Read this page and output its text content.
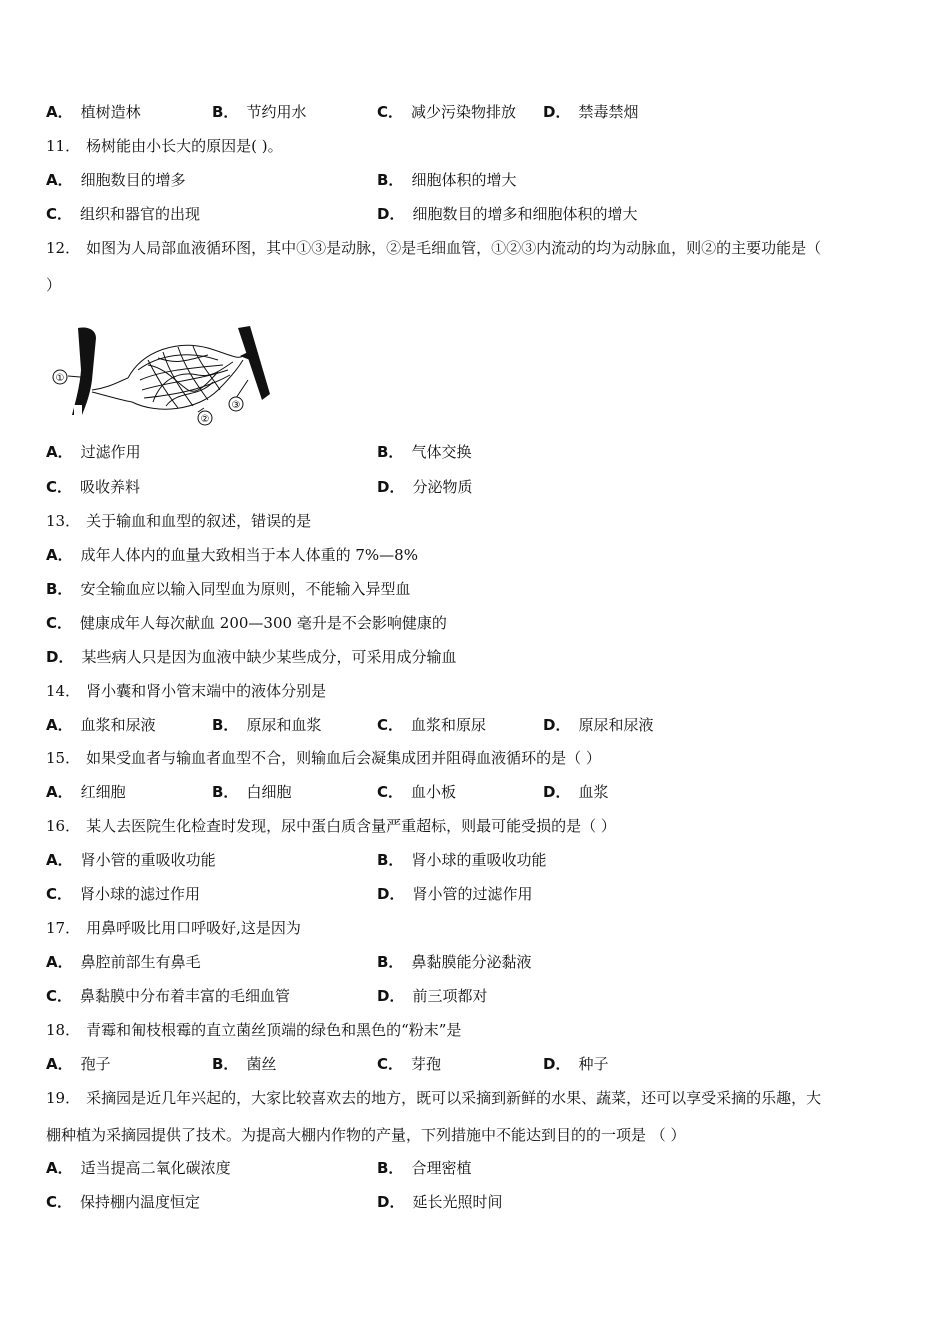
A． 植树造林	B． 节约用水	C． 减少污染物排放 D． 禁毒禁烟
11． 杨树能由小长大的原因是( )。
A． 细胞数目的增多	B． 细胞体积的增大
C． 组织和器官的出现	D． 细胞数目的增多和细胞体积的增大
12． 如图为人局部血液循环图，其中①③是动脉，②是毛细血管，①②③内流动的均为动脉血，则②的主要功能是（
）
①
②
③
A． 过滤作用	B． 气体交换
C． 吸收养料	D． 分泌物质
13． 关于输血和血型的叙述，错误的是
A． 成年人体内的血量大致相当于本人体重的 7%—8%
B． 安全输血应以输入同型血为原则，不能输入异型血
C． 健康成年人每次献血 200—300 毫升是不会影响健康的
D． 某些病人只是因为血液中缺少某些成分，可采用成分输血
14． 肾小囊和肾小管末端中的液体分别是
A． 血浆和尿液	B． 原尿和血浆	C． 血浆和原尿	D． 原尿和尿液
15． 如果受血者与输血者血型不合，则输血后会凝集成团并阻碍血液循环的是（ ）
A． 红细胞	B． 白细胞	C． 血小板	D． 血浆
16． 某人去医院生化检查时发现，尿中蛋白质含量严重超标，则最可能受损的是（ ）
A． 肾小管的重吸收功能	B． 肾小球的重吸收功能
C． 肾小球的滤过作用	D． 肾小管的过滤作用
17． 用鼻呼吸比用口呼吸好,这是因为
A． 鼻腔前部生有鼻毛	B． 鼻黏膜能分泌黏液
C． 鼻黏膜中分布着丰富的毛细血管	D． 前三项都对
18． 青霉和匍枝根霉的直立菌丝顶端的绿色和黑色的“粉末”是
A． 孢子	B． 菌丝	C． 芽孢	D． 种子
19． 采摘园是近几年兴起的，大家比较喜欢去的地方，既可以采摘到新鲜的水果、蔬菜，还可以享受采摘的乐趣，大
棚种植为采摘园提供了技术。为提高大棚内作物的产量，下列措施中不能达到目的的一项是 （ ）
A． 适当提高二氧化碳浓度	B． 合理密植
C． 保持棚内温度恒定	D． 延长光照时间
